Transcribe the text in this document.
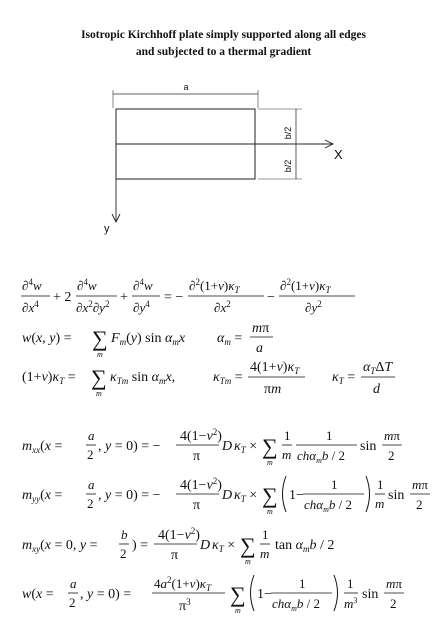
Isotropic Kirchhoff plate simply supported along all edges
and subjected to a thermal gradient
a
X
y
b/2
b/2
∂$^4$w
$\partial x^4 + 2$
∂$^4$w
$\partial x^2\partial y^2$ +
∂$^4$w
$\partial y^4$ = −
$\partial^2(1+\nu)\kappa_T$
$\partial x^2$	−
$\partial^2(1+\nu)\kappa_T$
$\partial y^2$
w(x, y) = ∑
m
$F_m(y)$ $\sin \alpha_mx$ $\alpha_m$ =
mπ
a
$(1+\nu)\kappa_T$ = ∑
m
$\kappa_{Tm}$ $\sin \alpha_mx$,	$\kappa_{Tm}$ =
$4(1+\nu)\kappa_T$
πm
$\kappa_T$ =
$\alpha_T\Delta T$
d
$m_{xx}(x$ =
a
2
, y = 0) = −
$4(1-\nu^2)$
π
D $\kappa_T$ × ∑
m
1
m
1
chα$_m$b / 2
sin
mπ
2
$m_{yy}(x$ =
a
2
, y = 0) = −
$4(1-\nu^2)$
π
D $\kappa_T$ × ∑
m
1−
1
chα$_m$b / 2
1
m
sin
mπ
2
$m_{xy}(x = 0$, y =
b
2
) =
$4(1-\nu^2)$
π
D $\kappa_T$ × ∑
m
1
m
$\tan \alpha_mb / 2$
w(x =
a
2
, y = 0) =
$4a^2(1+\nu)\kappa_T$
$\pi^3$ ∑
m
1−
1
chα$_m$b / 2
1
$m^3$ sin
mπ
2
